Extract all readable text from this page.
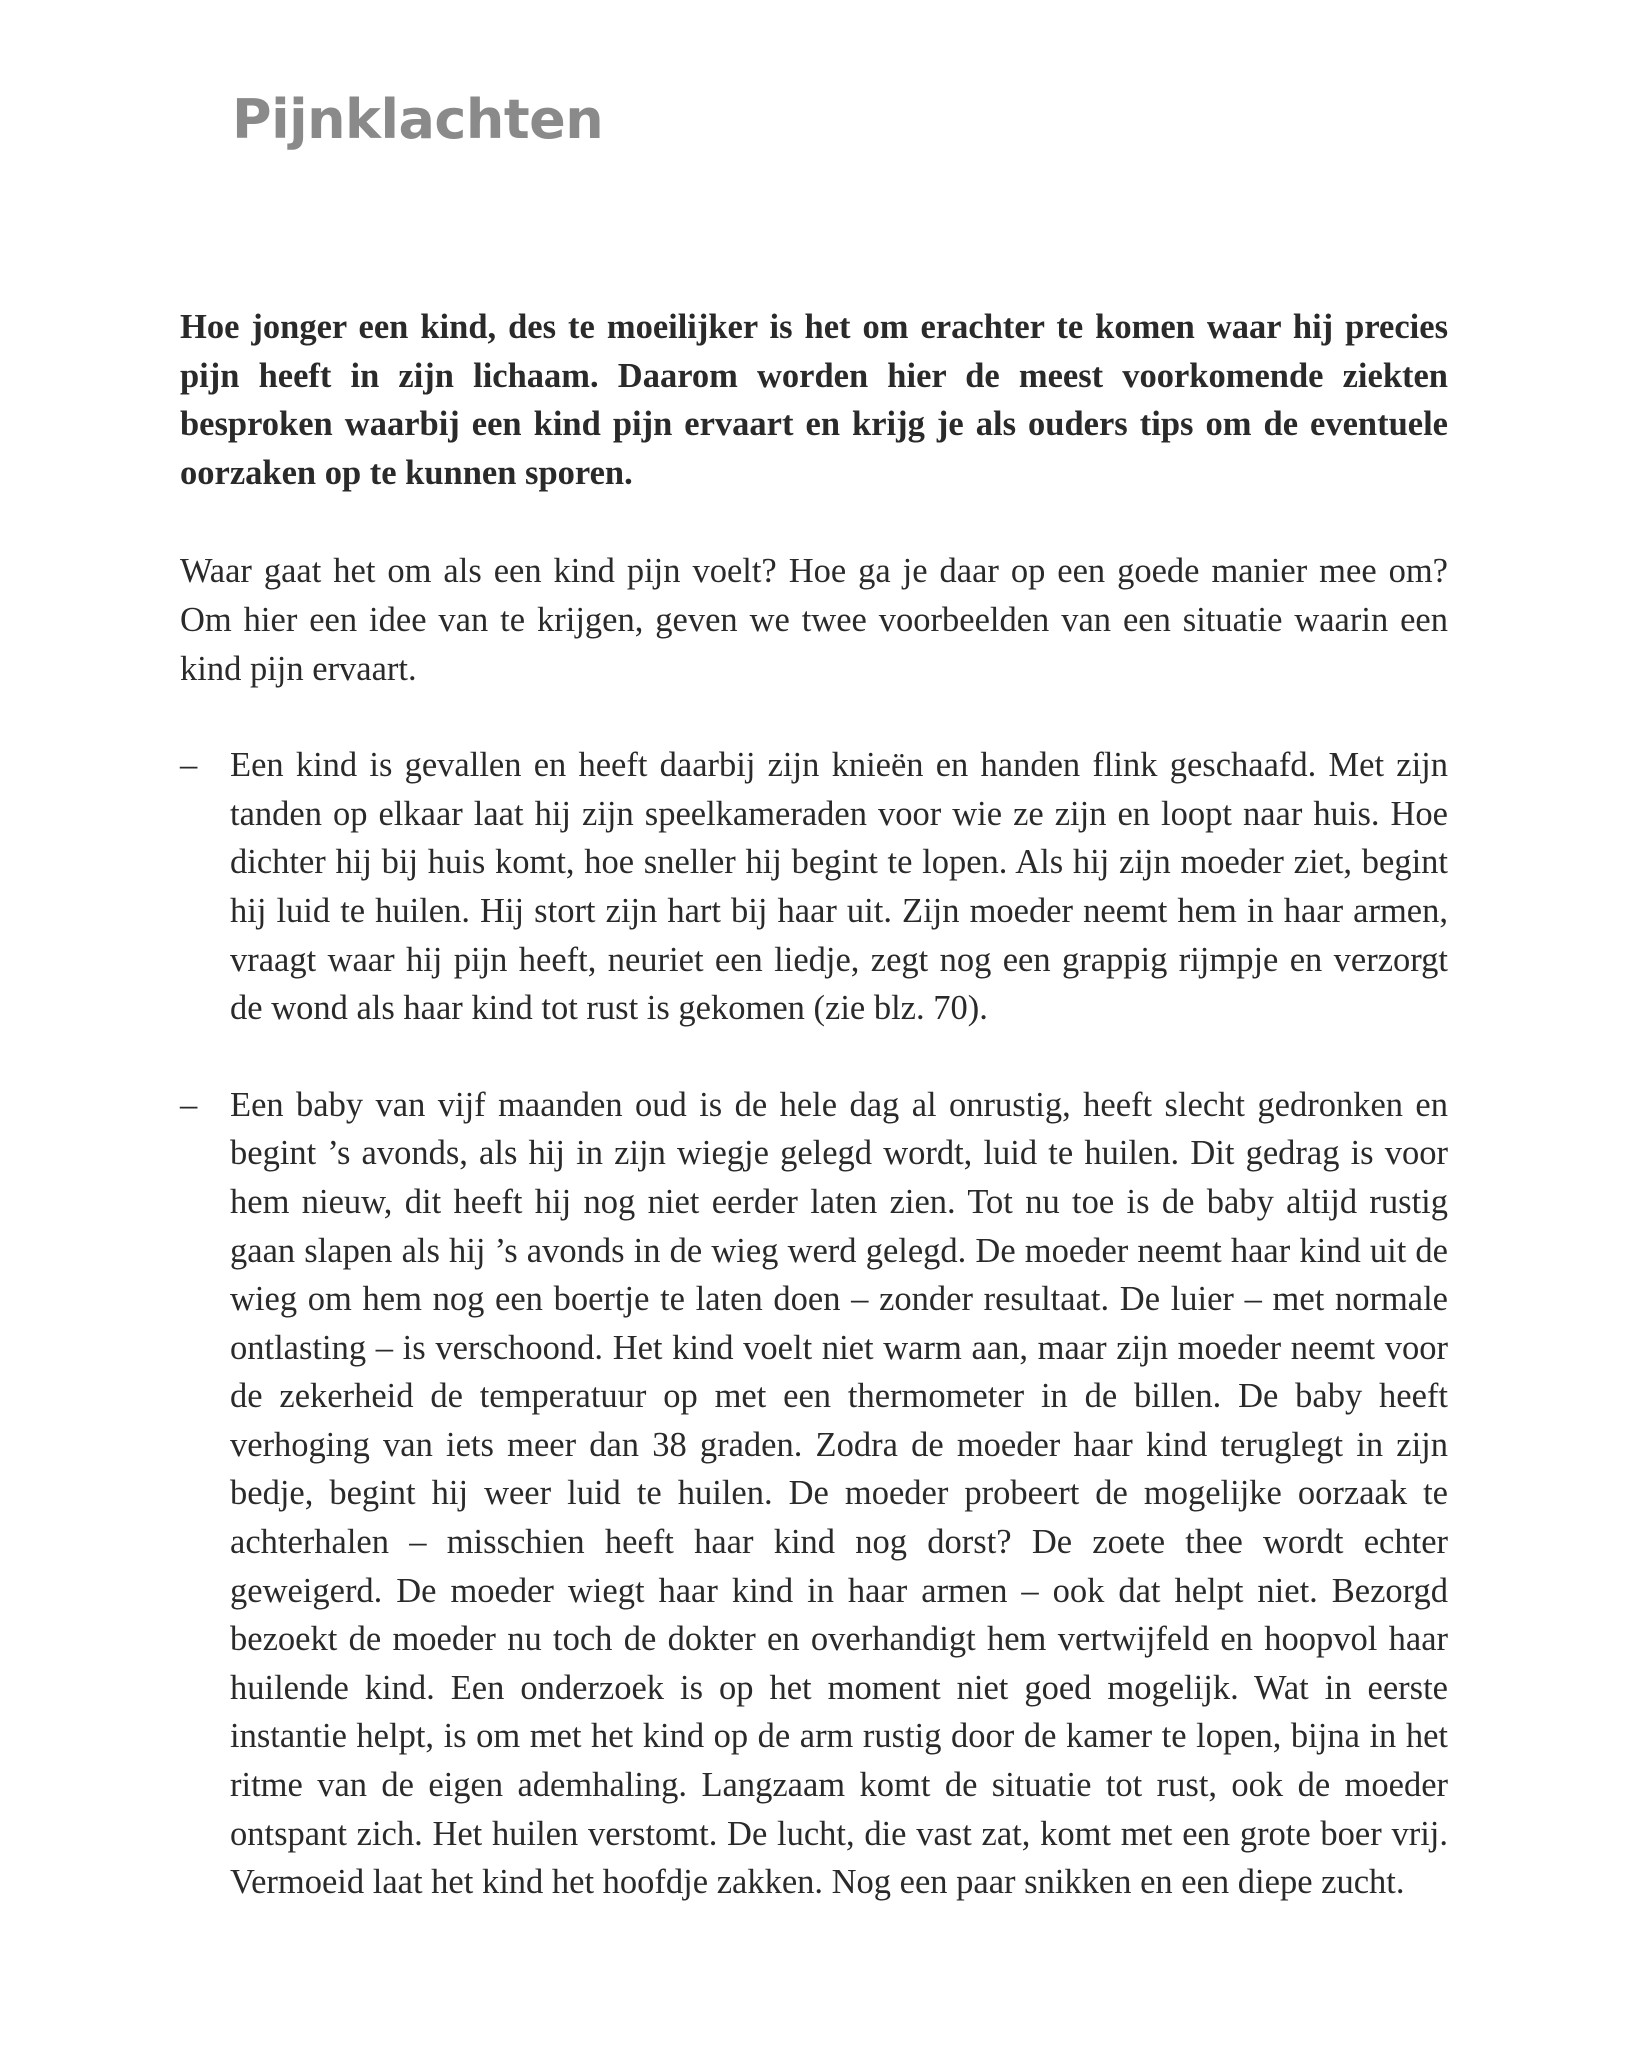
Pijnklachten

Hoe jonger een kind, des te moeilijker is het om erachter te komen waar hij precies pijn heeft in zijn lichaam. Daarom worden hier de meest voorkomende ziekten besproken waarbij een kind pijn ervaart en krijg je als ouders tips om de eventuele oorzaken op te kunnen sporen.

Waar gaat het om als een kind pijn voelt? Hoe ga je daar op een goede manier mee om? Om hier een idee van te krijgen, geven we twee voorbeelden van een situatie waarin een kind pijn ervaart.

– Een kind is gevallen en heeft daarbij zijn knieën en handen flink geschaafd. Met zijn tanden op elkaar laat hij zijn speelkameraden voor wie ze zijn en loopt naar huis. Hoe dichter hij bij huis komt, hoe sneller hij begint te lopen. Als hij zijn moeder ziet, begint hij luid te huilen. Hij stort zijn hart bij haar uit. Zijn moeder neemt hem in haar armen, vraagt waar hij pijn heeft, neuriet een liedje, zegt nog een grappig rijmpje en verzorgt de wond als haar kind tot rust is gekomen (zie blz. 70).
– Een baby van vijf maanden oud is de hele dag al onrustig, heeft slecht gedronken en begint ’s avonds, als hij in zijn wiegje gelegd wordt, luid te huilen. Dit gedrag is voor hem nieuw, dit heeft hij nog niet eerder laten zien. Tot nu toe is de baby altijd rustig gaan slapen als hij ’s avonds in de wieg werd gelegd. De moeder neemt haar kind uit de wieg om hem nog een boertje te laten doen – zonder resultaat. De luier – met normale ontlasting – is verschoond. Het kind voelt niet warm aan, maar zijn moeder neemt voor de zekerheid de temperatuur op met een thermometer in de billen. De baby heeft verhoging van iets meer dan 38 graden. Zodra de moeder haar kind teruglegt in zijn bedje, begint hij weer luid te huilen. De moeder probeert de mogelijke oorzaak te achterhalen – misschien heeft haar kind nog dorst? De zoete thee wordt echter geweigerd. De moeder wiegt haar kind in haar armen – ook dat helpt niet. Bezorgd bezoekt de moeder nu toch de dokter en overhandigt hem vertwijfeld en hoopvol haar huilende kind. Een onderzoek is op het moment niet goed mogelijk. Wat in eerste instantie helpt, is om met het kind op de arm rustig door de kamer te lopen, bijna in het ritme van de eigen ademhaling. Langzaam komt de situatie tot rust, ook de moeder ontspant zich. Het huilen verstomt. De lucht, die vast zat, komt met een grote boer vrij. Vermoeid laat het kind het hoofdje zakken. Nog een paar snikken en een diepe zucht.
